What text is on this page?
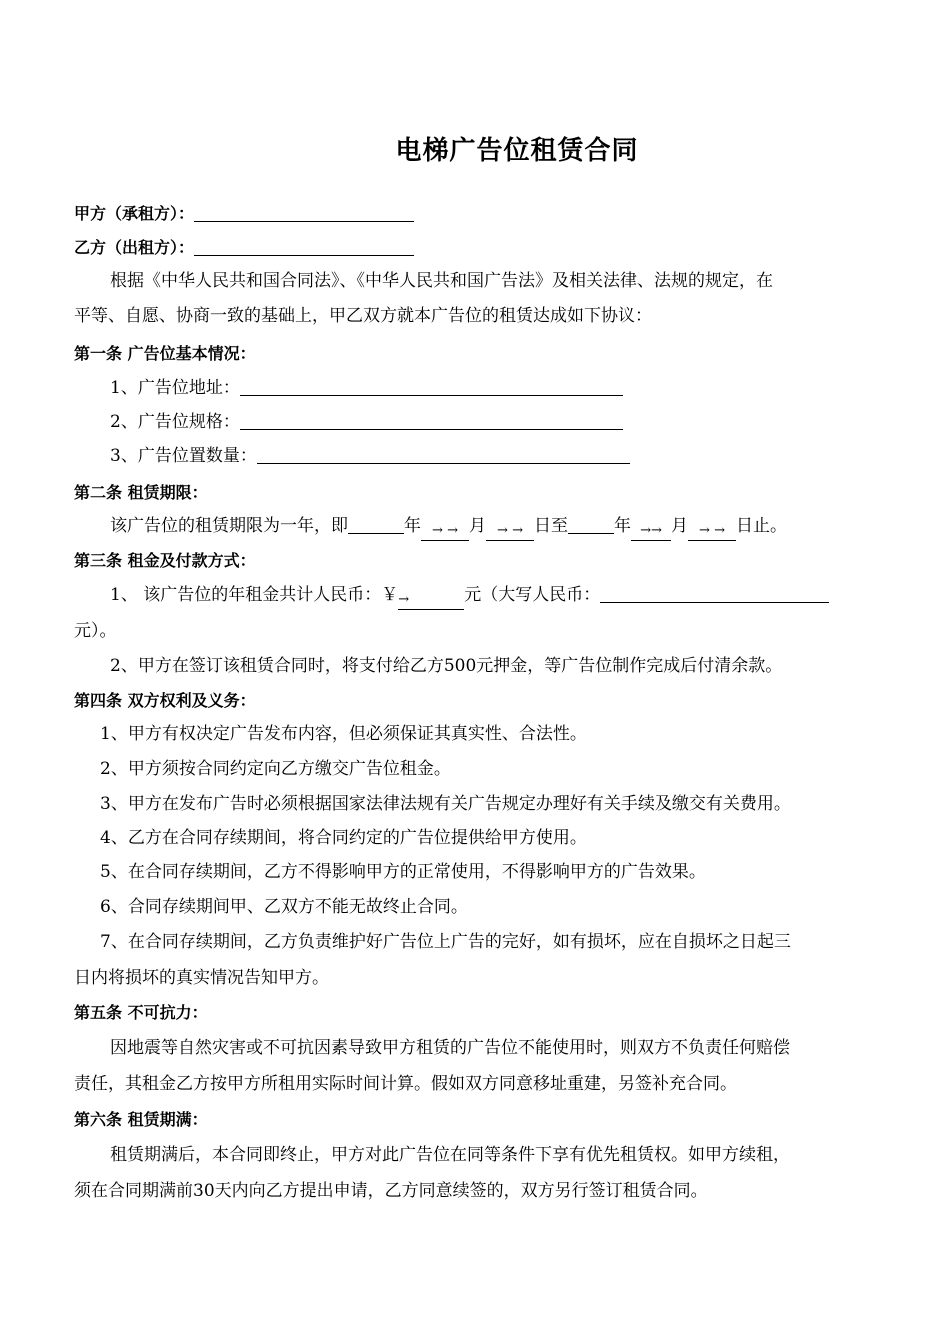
电梯广告位租赁合同
甲方（承租方）：
乙方（出租方）：
根据《中华人民共和国合同法》、《中华人民共和国广告法》及相关法律、法规的规定，在
平等、自愿、协商一致的基础上，甲乙双方就本广告位的租赁达成如下协议：
第一条 广告位基本情况：
1、广告位地址：
2、广告位规格：
3、广告位置数量：
第二条 租赁期限：
该广告位的租赁期限为一年，即	年 → → 月 → → 日至	年 →→ 月 → → 日止。
第三条 租金及付款方式：
1、 该广告位的年租金共计人民币：￥→	元（大写人民币：
元）。
2、甲方在签订该租赁合同时，将支付给乙方500元押金，等广告位制作完成后付清余款。
第四条 双方权利及义务：
1、甲方有权决定广告发布内容，但必须保证其真实性、合法性。
2、甲方须按合同约定向乙方缴交广告位租金。
3、甲方在发布广告时必须根据国家法律法规有关广告规定办理好有关手续及缴交有关费用。
4、乙方在合同存续期间，将合同约定的广告位提供给甲方使用。
5、在合同存续期间，乙方不得影响甲方的正常使用，不得影响甲方的广告效果。
6、合同存续期间甲、乙双方不能无故终止合同。
7、在合同存续期间，乙方负责维护好广告位上广告的完好，如有损坏，应在自损坏之日起三
日内将损坏的真实情况告知甲方。
第五条 不可抗力：
因地震等自然灾害或不可抗因素导致甲方租赁的广告位不能使用时，则双方不负责任何赔偿
责任，其租金乙方按甲方所租用实际时间计算。假如双方同意移址重建，另签补充合同。
第六条 租赁期满：
租赁期满后，本合同即终止，甲方对此广告位在同等条件下享有优先租赁权。如甲方续租，
须在合同期满前30天内向乙方提出申请，乙方同意续签的，双方另行签订租赁合同。
